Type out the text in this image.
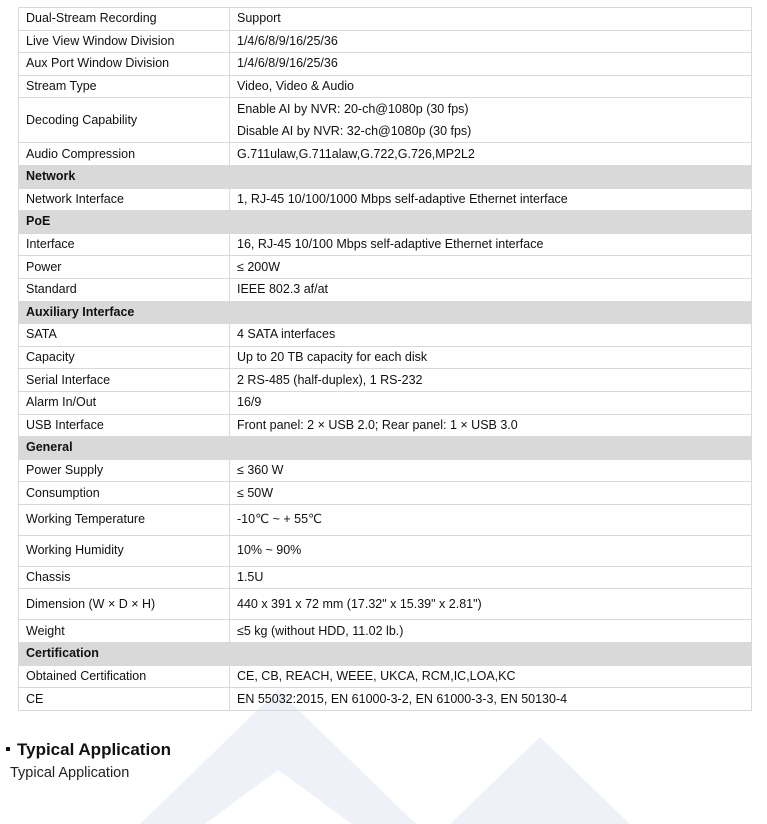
Dual-Stream Recording	Support
Live View Window Division	1/4/6/8/9/16/25/36
Aux Port Window Division	1/4/6/8/9/16/25/36
Stream Type	Video, Video & Audio
Decoding Capability	Enable AI by NVR: 20-ch@1080p (30 fps)
Disable AI by NVR: 32-ch@1080p (30 fps)

Audio Compression	G.711ulaw,G.711alaw,G.722,G.726,MP2L2
Network	
Network Interface	1, RJ-45 10/100/1000 Mbps self-adaptive Ethernet interface
PoE	
Interface	16, RJ-45 10/100 Mbps self-adaptive Ethernet interface
Power	≤ 200W
Standard	IEEE 802.3 af/at
Auxiliary Interface	
SATA	4 SATA interfaces
Capacity	Up to 20 TB capacity for each disk
Serial Interface	2 RS-485 (half-duplex), 1 RS-232
Alarm In/Out	16/9
USB Interface	Front panel: 2 × USB 2.0; Rear panel: 1 × USB 3.0
General	
Power Supply	≤ 360 W
Consumption	≤ 50W
Working Temperature	-10℃ ~ + 55℃
Working Humidity	10% ~ 90%
Chassis	1.5U
Dimension (W × D × H)	440 x 391 x 72 mm (17.32" x 15.39" x 2.81")
Weight	≤5 kg (without HDD, 11.02 lb.)
Certification	
Obtained Certification	CE, CB, REACH, WEEE, UKCA, RCM,IC,LOA,KC
CE	EN 55032:2015, EN 61000-3-2, EN 61000-3-3, EN 50130-4
Typical Application
Typical Application
